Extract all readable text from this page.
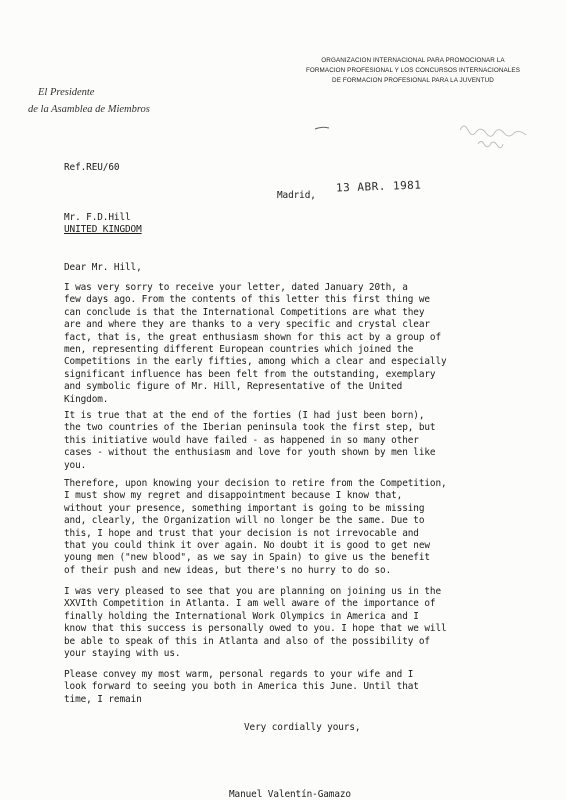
ORGANIZACION INTERNACIONAL PARA PROMOCIONAR LA
FORMACION PROFESIONAL Y LOS CONCURSOS INTERNACIONALES
DE FORMACION PROFESIONAL PARA LA JUVENTUD
El Presidente
de la Asamblea de Miembros
Ref.REU/60
Madrid,
13 ABR. 1981
Mr. F.D.Hill
UNITED KINGDOM
Dear Mr. Hill,
I was very sorry to receive your letter, dated January 20th, a
few days ago. From the contents of this letter this first thing we
can conclude is that the International Competitions are what they
are and where they are thanks to a very specific and crystal clear
fact, that is, the great enthusiasm shown for this act by a group of
men, representing different European countries which joined the
Competitions in the early fifties, among which a clear and especially
significant influence has been felt from the outstanding, exemplary
and symbolic figure of Mr. Hill, Representative of the United
Kingdom.
It is true that at the end of the forties (I had just been born),
the two countries of the Iberian peninsula took the first step, but
this initiative would have failed - as happened in so many other
cases - without the enthusiasm and love for youth shown by men like
you.
Therefore, upon knowing your decision to retire from the Competition,
I must show my regret and disappointment because I know that,
without your presence, something important is going to be missing
and, clearly, the Organization will no longer be the same. Due to
this, I hope and trust that your decision is not irrevocable and
that you could think it over again. No doubt it is good to get new
young men ("new blood", as we say in Spain) to give us the benefit
of their push and new ideas, but there's no hurry to do so.
I was very pleased to see that you are planning on joining us in the
XXVIth Competition in Atlanta. I am well aware of the importance of
finally holding the International Work Olympics in America and I
know that this success is personally owed to you. I hope that we will
be able to speak of this in Atlanta and also of the possibility of
your staying with us.
Please convey my most warm, personal regards to your wife and I
look forward to seeing you both in America this June. Until that
time, I remain
Very cordially yours,
Manuel Valentín-Gamazo
